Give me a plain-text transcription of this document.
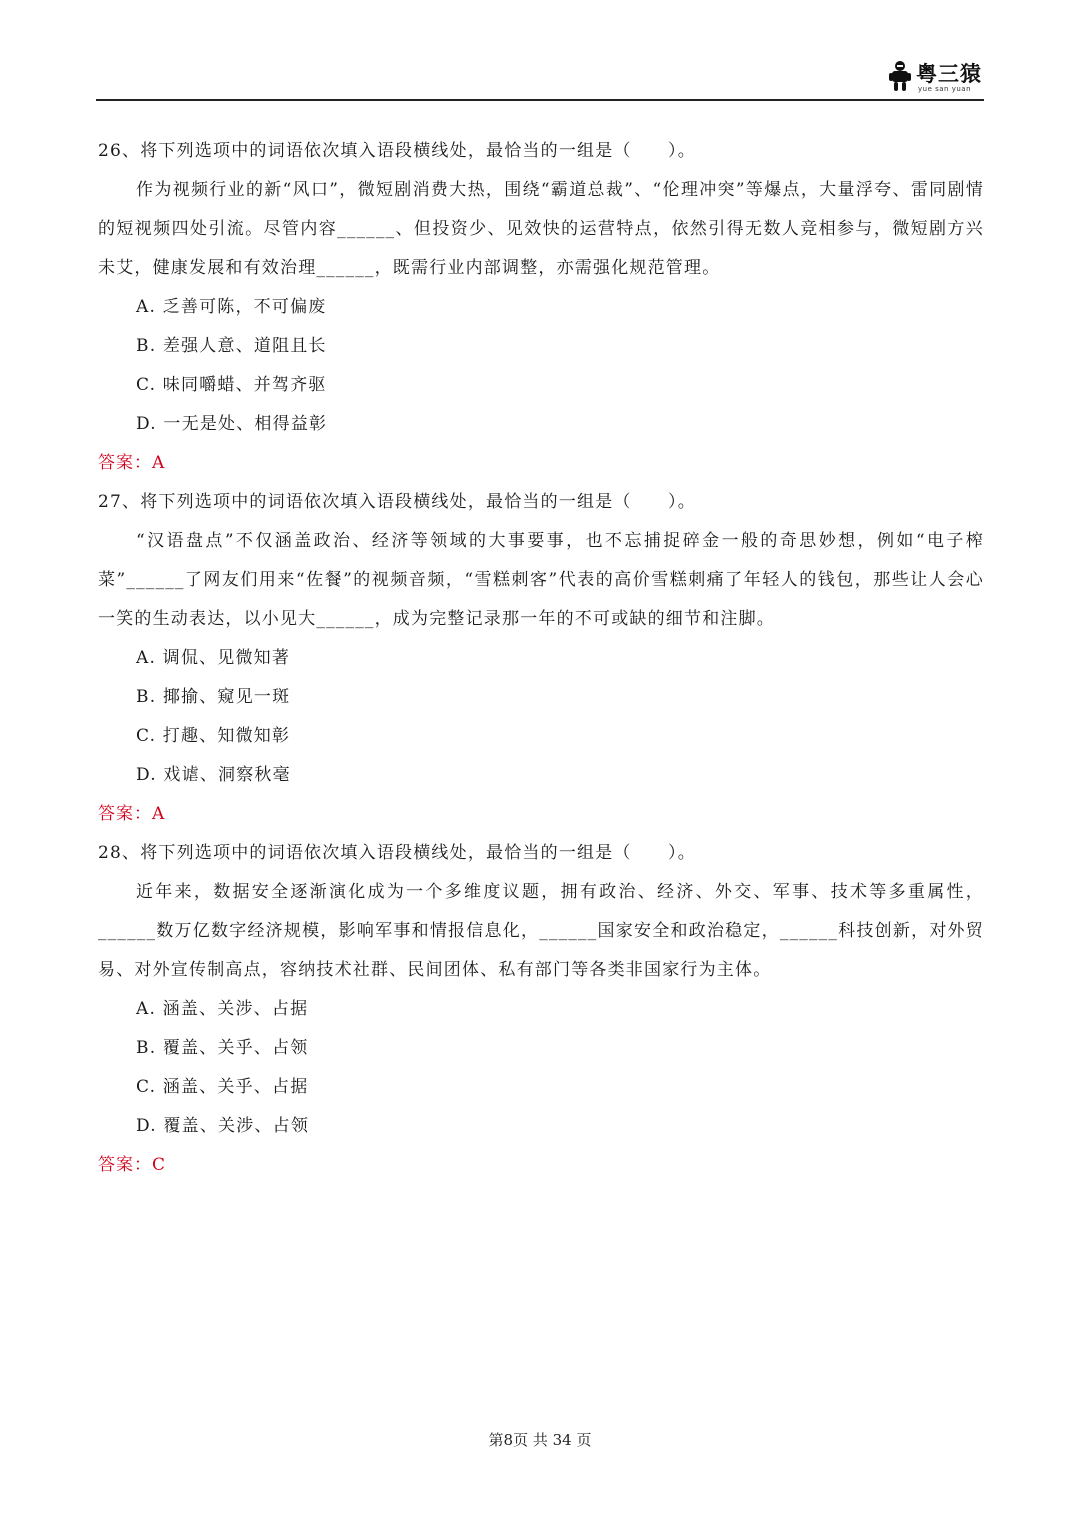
粤三猿
yue san yuan
26、将下列选项中的词语依次填入语段横线处，最恰当的一组是（　　）。
作为视频行业的新“风口”，微短剧消费大热，围绕“霸道总裁”、“伦理冲突”等爆点，大量浮夸、雷同剧情的短视频四处引流。尽管内容______、但投资少、见效快的运营特点，依然引得无数人竞相参与，微短剧方兴未艾，健康发展和有效治理______，既需行业内部调整，亦需强化规范管理。
A. 乏善可陈，不可偏废
B. 差强人意、道阻且长
C. 味同嚼蜡、并驾齐驱
D. 一无是处、相得益彰
答案：A
27、将下列选项中的词语依次填入语段横线处，最恰当的一组是（　　）。
“汉语盘点”不仅涵盖政治、经济等领域的大事要事，也不忘捕捉碎金一般的奇思妙想，例如“电子榨菜”______了网友们用来“佐餐”的视频音频，“雪糕刺客”代表的高价雪糕刺痛了年轻人的钱包，那些让人会心一笑的生动表达，以小见大______，成为完整记录那一年的不可或缺的细节和注脚。
A. 调侃、见微知著
B. 揶揄、窥见一斑
C. 打趣、知微知彰
D. 戏谑、洞察秋毫
答案：A
28、将下列选项中的词语依次填入语段横线处，最恰当的一组是（　　）。
近年来，数据安全逐渐演化成为一个多维度议题，拥有政治、经济、外交、军事、技术等多重属性，______数万亿数字经济规模，影响军事和情报信息化，______国家安全和政治稳定，______科技创新，对外贸易、对外宣传制高点，容纳技术社群、民间团体、私有部门等各类非国家行为主体。
A. 涵盖、关涉、占据
B. 覆盖、关乎、占领
C. 涵盖、关乎、占据
D. 覆盖、关涉、占领
答案：C
第8页 共 34 页
